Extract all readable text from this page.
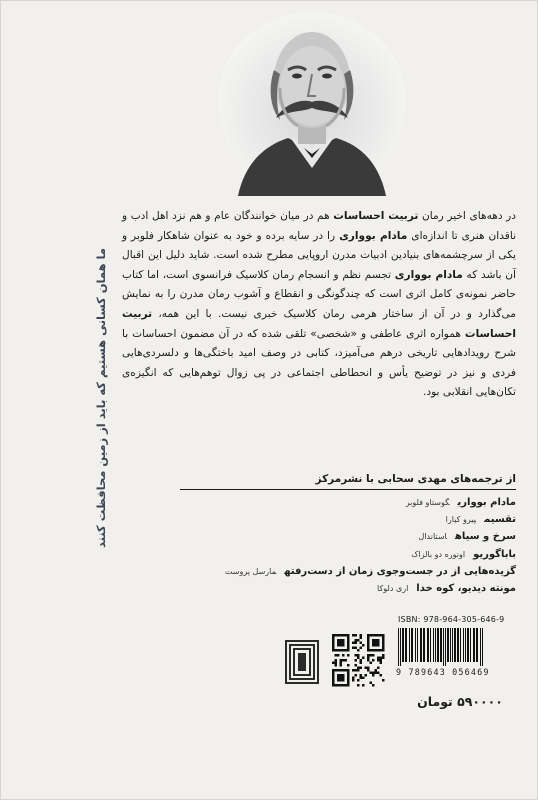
ما همان کسانی هستیم که باید از زمین محافظت کنند

در دهه‌های اخیر رمان تربیت احساسات هم در میان خوانندگان عام و هم نزد اهل ادب و ناقدان هنری تا اندازه‌ای مادام بوواری را در سایه برده و خود به عنوان شاهکار فلوبر و یکی از سرچشمه‌های بنیادین ادبیات مدرن اروپایی مطرح شده است. شاید دلیل این اقبال آن باشد که مادام بوواری تجسم نظم و انسجام رمان کلاسیک فرانسوی است، اما کتاب حاضر نمونه‌ی کامل اثری است که چندگونگی و انقطاع و آشوب رمان مدرن را به نمایش می‌گذارد و در آن از ساختار هرمی رمان کلاسیک خبری نیست. با این همه، تربیت احساسات همواره اثری عاطفی و «شخصی» تلقی شده که در آن مضمون احساسات با شرح رویدادهایی تاریخی درهم می‌آمیزد، کتابی در وصف امید باختگی‌ها و دلسردی‌هایی فردی و نیز در توضیح یأس و انحطاطی اجتماعی در پی زوال توهم‌هایی که انگیزه‌ی تکان‌هایی انقلابی بود.

از ترجمه‌های مهدی سحابی با نشرمرکز
مادام بوواریگوستاو فلوبر
تقسیمپیرو کیارا
سرخ و سیاهاستاندال
باباگوریواونوره دو بالزاک
گزیده‌هایی از در جست‌وجوی زمان از دست‌رفتهمارسل پروست
مونته دیدیو، کوه خدااری دلوکا
ISBN: 978-964-305-646-9
9 789643 056469
۵۹۰۰۰۰ تومان
